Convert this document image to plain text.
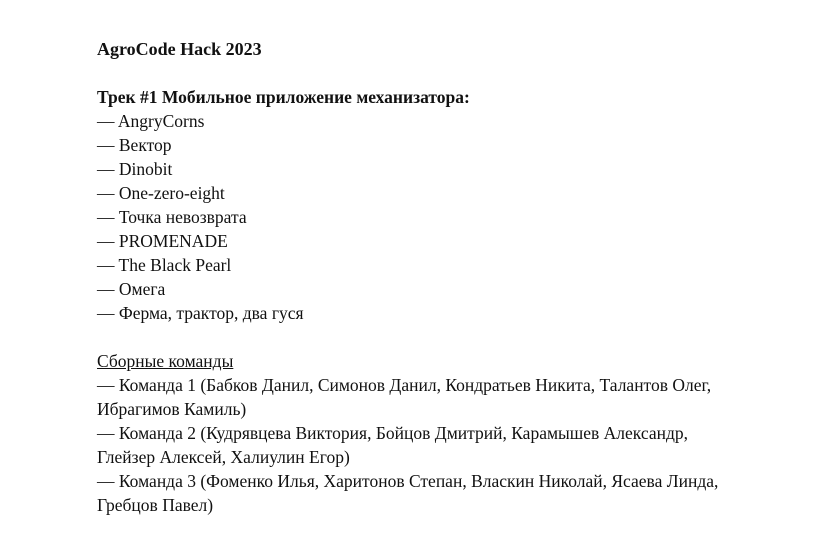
AgroCode Hack 2023

Трек #1 Мобильное приложение механизатора:

— AngryCorns
— Вектор
— Dinobit
— One-zero-eight
— Точка невозврата
— PROMENADE
— The Black Pearl
— Омега
— Ферма, трактор, два гуся

Сборные команды

— Команда 1 (Бабков Данил, Симонов Данил, Кондратьев Никита, Талантов Олег, Ибрагимов Камиль)
— Команда 2 (Кудрявцева Виктория, Бойцов Дмитрий, Карамышев Александр, Глейзер Алексей, Халиулин Егор)
— Команда 3 (Фоменко Илья, Харитонов Степан, Власкин Николай, Ясаева Линда, Гребцов Павел)
